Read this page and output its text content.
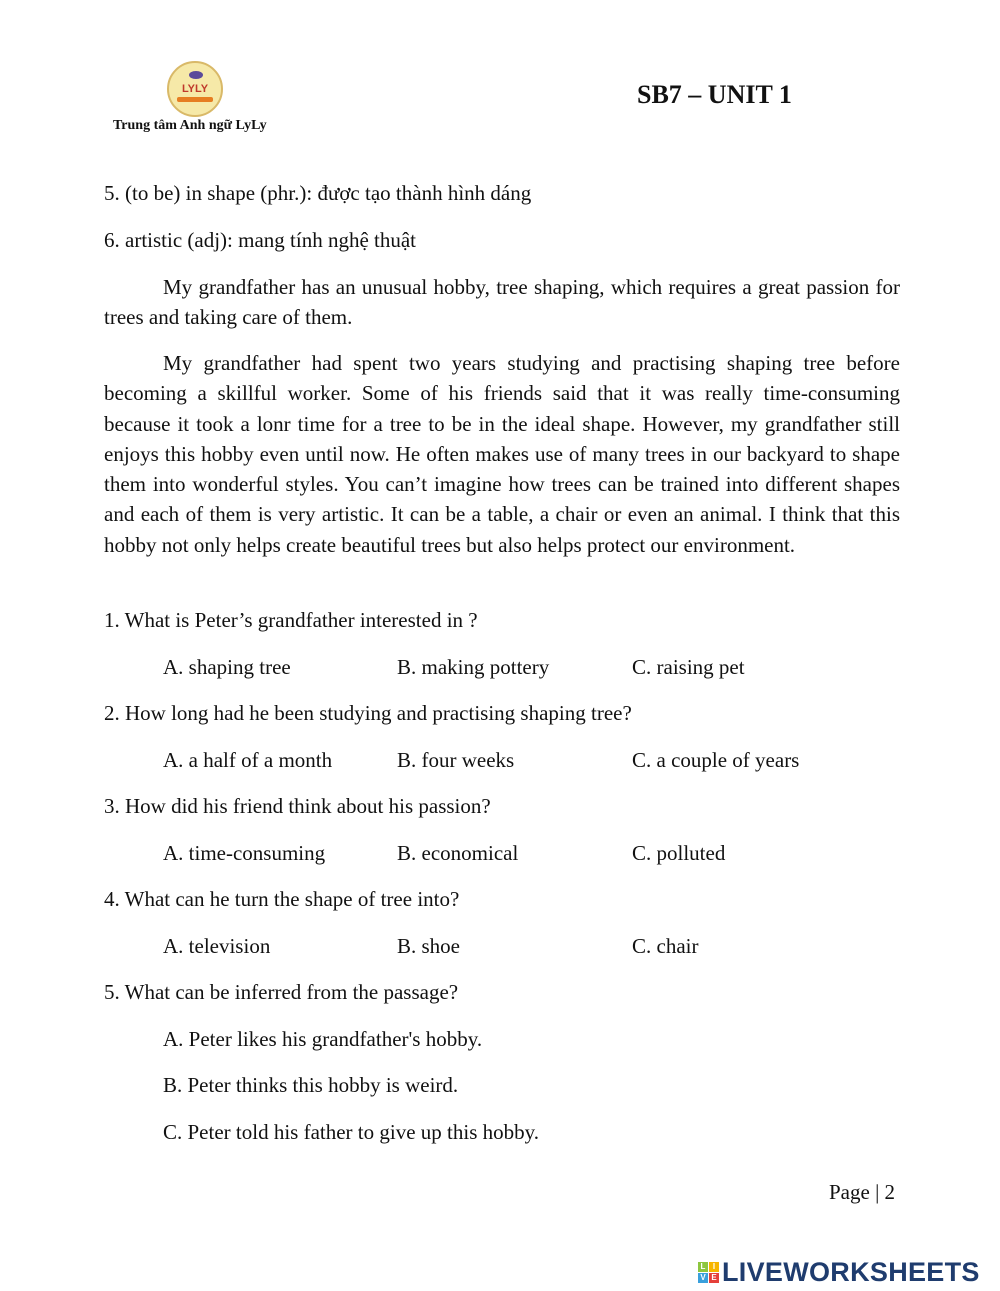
LYLY
Trung tâm Anh ngữ LyLy
SB7 – UNIT 1
5. (to be) in shape (phr.): được tạo thành hình dáng
6. artistic (adj): mang tính nghệ thuật
My grandfather has an unusual hobby, tree shaping, which requires a great passion for trees and taking care of them.
My grandfather had spent two years studying and practising shaping tree before becoming a skillful worker. Some of his friends said that it was really time-consuming because it took a lonr time for a tree to be in the ideal shape. However, my grandfather still enjoys this hobby even until now. He often makes use of many trees in our backyard to shape them into wonderful styles. You can’t imagine how trees can be trained into different shapes and each of them is very artistic. It can be a table, a chair or even an animal. I think that this hobby not only helps create beautiful trees but also helps protect our environment.
1. What is Peter’s grandfather interested in ?
A. shaping tree	B. making pottery	C. raising pet
2. How long had he been studying and practising shaping tree?
A. a half of a month	B. four weeks	C. a couple of years
3. How did his friend think about his passion?
A. time-consuming	B. economical	C. polluted
4. What can he turn the shape of tree into?
A. television	B. shoe	C. chair
5. What can be inferred from the passage?
A. Peter likes his grandfather's hobby.
B. Peter thinks this hobby is weird.
C. Peter told his father to give up this hobby.
Page | 2
L I
V E LIVEWORKSHEETS
